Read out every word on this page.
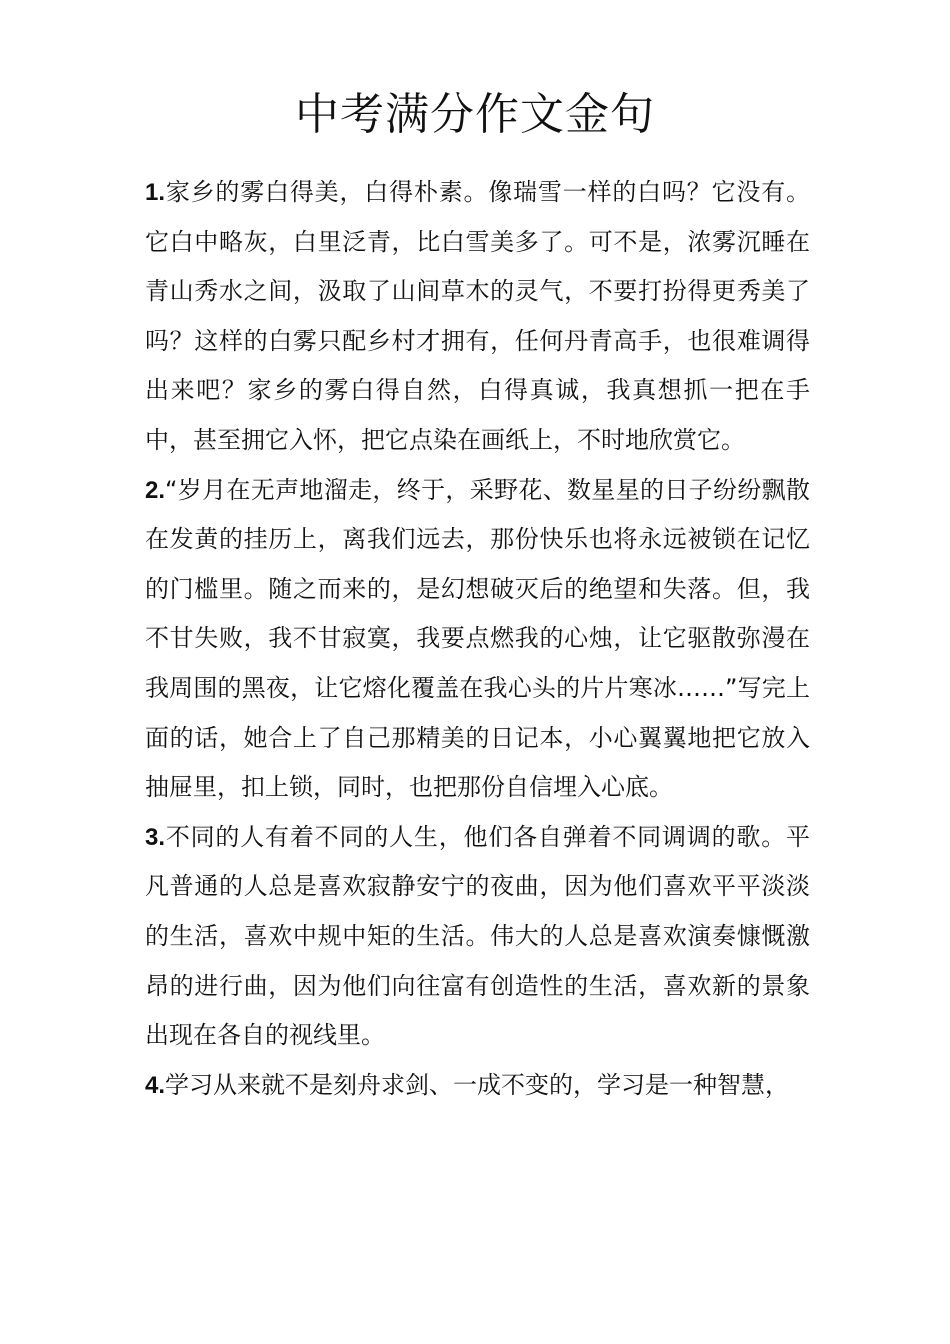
中考满分作文金句

1.家乡的雾白得美，白得朴素。像瑞雪一样的白吗？它没有。它白中略灰，白里泛青，比白雪美多了。可不是，浓雾沉睡在青山秀水之间，汲取了山间草木的灵气，不要打扮得更秀美了吗？这样的白雾只配乡村才拥有，任何丹青高手，也很难调得出来吧？家乡的雾白得自然，白得真诚，我真想抓一把在手中，甚至拥它入怀，把它点染在画纸上，不时地欣赏它。

2.“岁月在无声地溜走，终于，采野花、数星星的日子纷纷飘散在发黄的挂历上，离我们远去，那份快乐也将永远被锁在记忆的门槛里。随之而来的，是幻想破灭后的绝望和失落。但，我不甘失败，我不甘寂寞，我要点燃我的心烛，让它驱散弥漫在我周围的黑夜，让它熔化覆盖在我心头的片片寒冰……”写完上面的话，她合上了自己那精美的日记本，小心翼翼地把它放入抽屉里，扣上锁，同时，也把那份自信埋入心底。

3.不同的人有着不同的人生，他们各自弹着不同调调的歌。平凡普通的人总是喜欢寂静安宁的夜曲，因为他们喜欢平平淡淡的生活，喜欢中规中矩的生活。伟大的人总是喜欢演奏慷慨激昂的进行曲，因为他们向往富有创造性的生活，喜欢新的景象出现在各自的视线里。

4.学习从来就不是刻舟求剑、一成不变的，学习是一种智慧，
